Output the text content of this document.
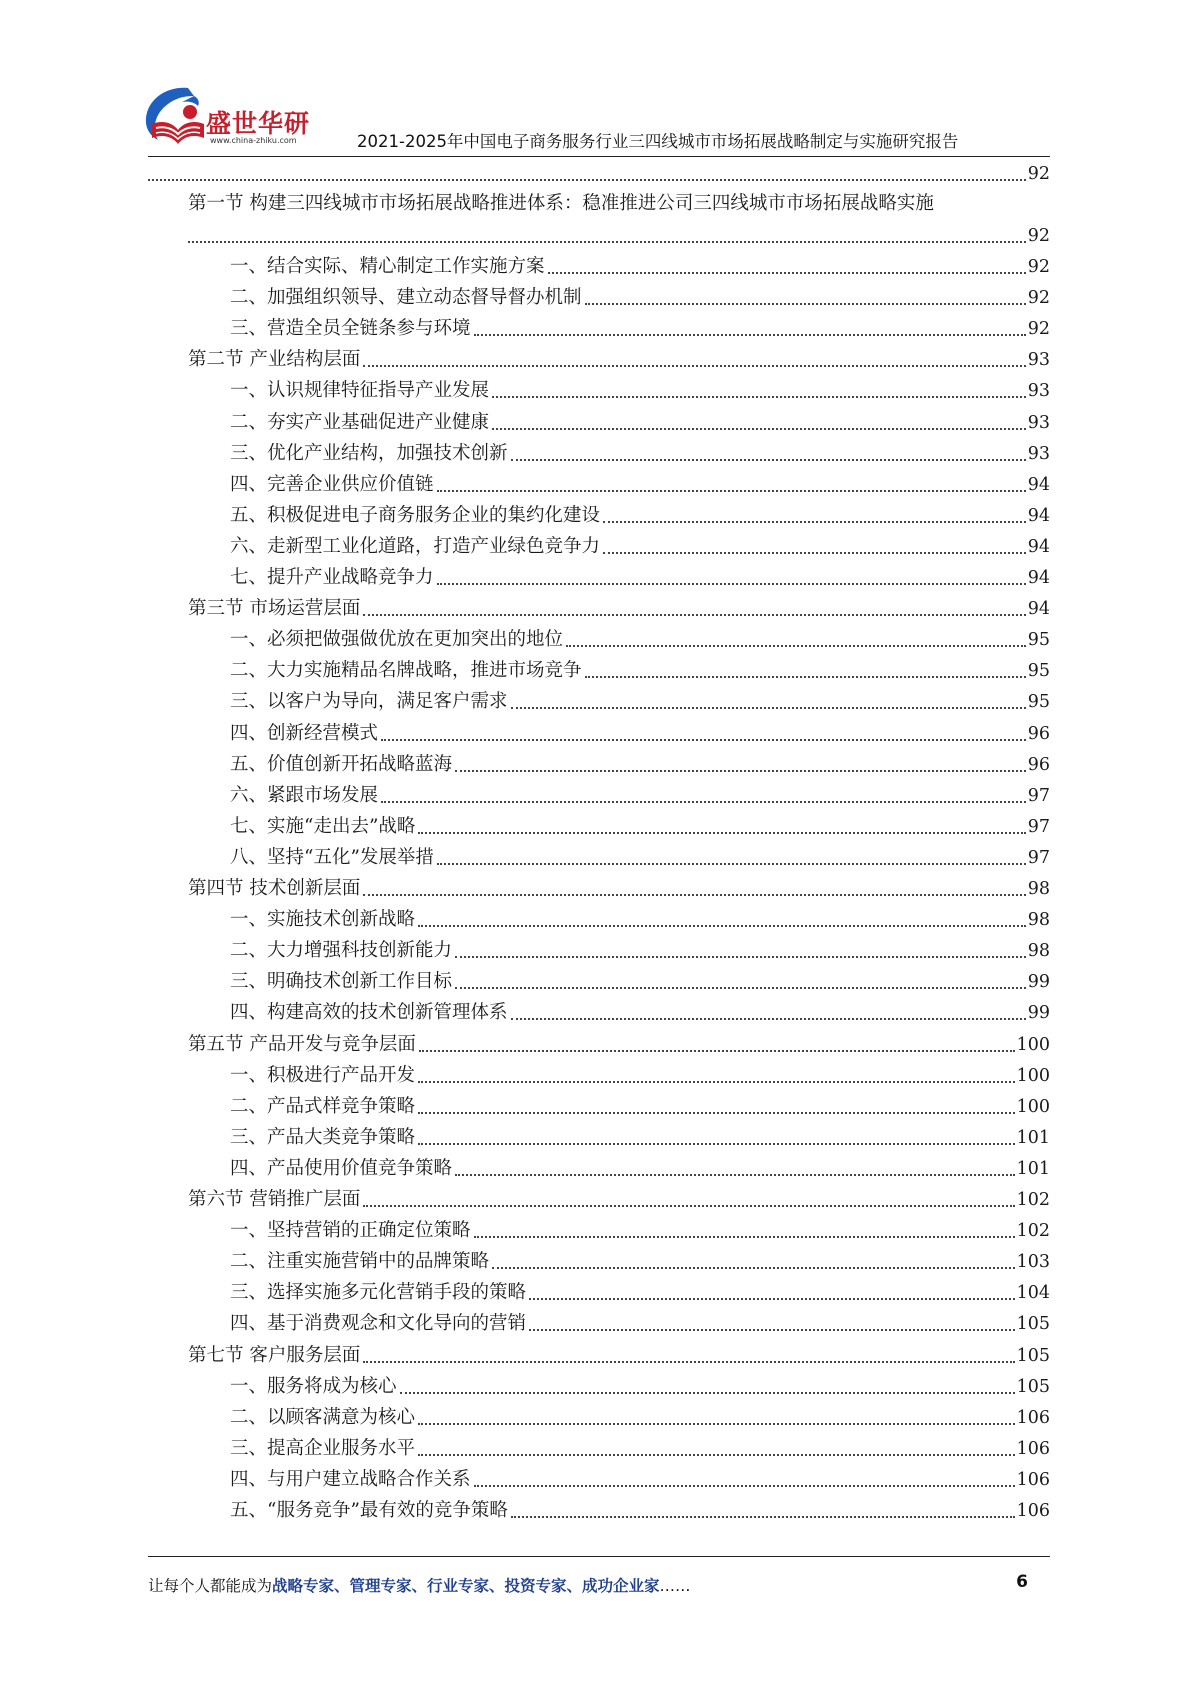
盛世华研
www.china-zhiku.com	2021-2025年中国电子商务服务行业三四线城市市场拓展战略制定与实施研究报告
92
第一节 构建三四线城市市场拓展战略推进体系：稳准推进公司三四线城市市场拓展战略实施
92
一、结合实际、精心制定工作实施方案	92
二、加强组织领导、建立动态督导督办机制	92
三、营造全员全链条参与环境	92
第二节 产业结构层面	93
一、认识规律特征指导产业发展	93
二、夯实产业基础促进产业健康	93
三、优化产业结构，加强技术创新	93
四、完善企业供应价值链	94
五、积极促进电子商务服务企业的集约化建设	94
六、走新型工业化道路，打造产业绿色竞争力	94
七、提升产业战略竞争力	94
第三节 市场运营层面	94
一、必须把做强做优放在更加突出的地位	95
二、大力实施精品名牌战略，推进市场竞争	95
三、以客户为导向，满足客户需求	95
四、创新经营模式	96
五、价值创新开拓战略蓝海	96
六、紧跟市场发展	97
七、实施“走出去”战略	97
八、坚持“五化”发展举措	97
第四节 技术创新层面	98
一、实施技术创新战略	98
二、大力增强科技创新能力	98
三、明确技术创新工作目标	99
四、构建高效的技术创新管理体系	99
第五节 产品开发与竞争层面	100
一、积极进行产品开发	100
二、产品式样竞争策略	100
三、产品大类竞争策略	101
四、产品使用价值竞争策略	101
第六节 营销推广层面	102
一、坚持营销的正确定位策略	102
二、注重实施营销中的品牌策略	103
三、选择实施多元化营销手段的策略	104
四、基于消费观念和文化导向的营销	105
第七节 客户服务层面	105
一、服务将成为核心	105
二、以顾客满意为核心	106
三、提高企业服务水平	106
四、与用户建立战略合作关系	106
五、“服务竞争”最有效的竞争策略	106
让每个人都能成为战略专家、管理专家、行业专家、投资专家、成功企业家……	6
